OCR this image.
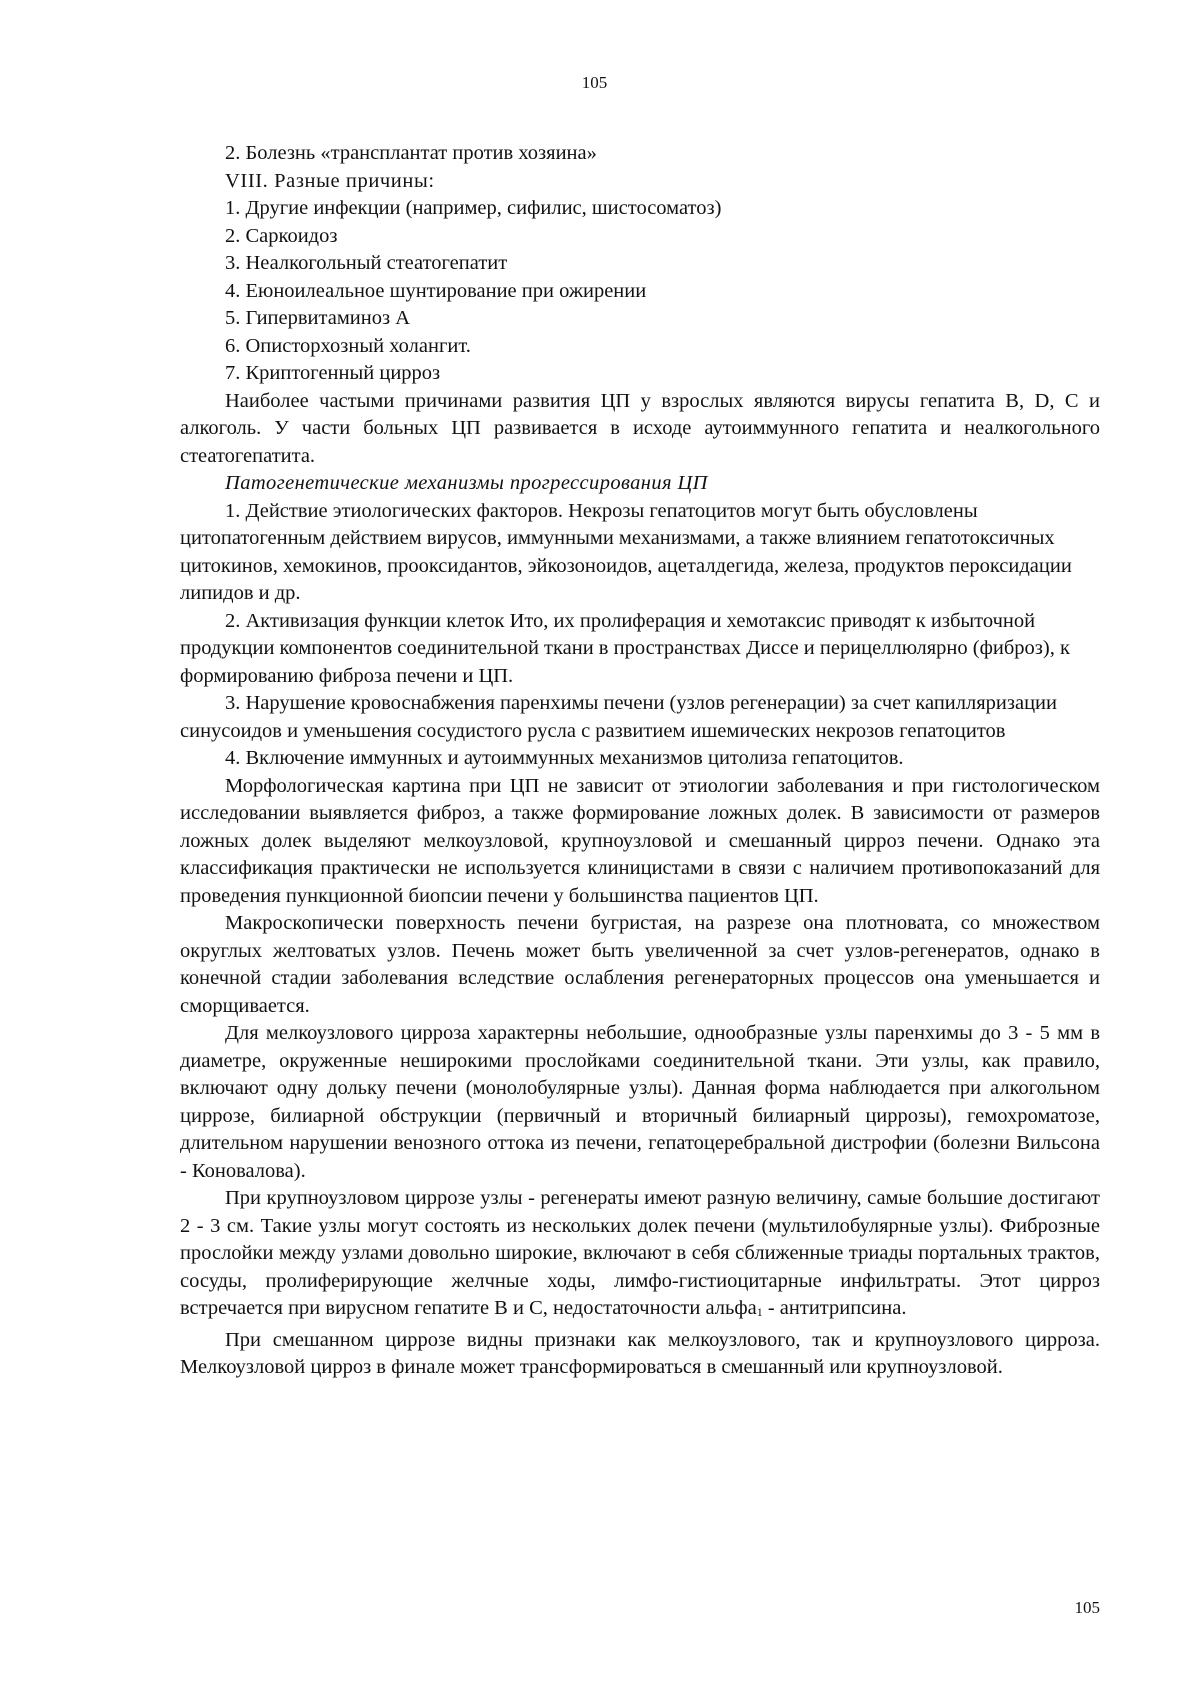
105

2. Болезнь «трансплантат против хозяина»

VIII. Разные причины:

1. Другие инфекции (например, сифилис, шистосоматоз)

2. Саркоидоз

3. Неалкогольный стеатогепатит

4. Еюноилеальное шунтирование при ожирении

5. Гипервитаминоз А

6. Описторхозный холангит.

7. Криптогенный цирроз

Наиболее частыми причинами развития ЦП у взрослых являются вирусы гепатита В, D, С и алкоголь. У части больных ЦП развивается в исходе аутоиммунного гепатита и неалкогольного стеатогепатита.

Патогенетические механизмы прогрессирования ЦП

1. Действие этиологических факторов. Некрозы гепатоцитов могут быть обусловлены цитопатогенным действием вирусов, иммунными механизмами, а также влиянием гепатотоксичных цитокинов, хемокинов, прооксидантов, эйкозоноидов, ацеталдегида, железа, продуктов пероксидации липидов и др.

2. Активизация функции клеток Ито, их пролиферация и хемотаксис приводят к избыточной продукции компонентов соединительной ткани в пространствах Диссе и перицеллюлярно (фиброз), к формированию фиброза печени и ЦП.

3. Нарушение кровоснабжения паренхимы печени (узлов регенерации) за счет капилляризации синусоидов и уменьшения сосудистого русла с развитием ишемических некрозов гепатоцитов

4. Включение иммунных и аутоиммунных механизмов цитолиза гепатоцитов.

Морфологическая картина при ЦП не зависит от этиологии заболевания и при гистологическом исследовании выявляется фиброз, а также формирование ложных долек. В зависимости от размеров ложных долек выделяют мелкоузловой, крупноузловой и смешанный цирроз печени. Однако эта классификация практически не используется клиницистами в связи с наличием противопоказаний для проведения пункционной биопсии печени у большинства пациентов ЦП.

Макроскопически поверхность печени бугристая, на разрезе она плотновата, со множеством округлых желтоватых узлов. Печень может быть увеличенной за счет узлов-регенератов, однако в конечной стадии заболевания вследствие ослабления регенераторных процессов она уменьшается и сморщивается.

Для мелкоузлового цирроза характерны небольшие, однообразные узлы паренхимы до 3 - 5 мм в диаметре, окруженные неширокими прослойками соединительной ткани. Эти узлы, как правило, включают одну дольку печени (монолобулярные узлы). Данная форма наблюдается при алкогольном циррозе, билиарной обструкции (первичный и вторичный билиарный циррозы), гемохроматозе, длительном нарушении венозного оттока из печени, гепатоцеребральной дистрофии (болезни Вильсона - Коновалова).

При крупноузловом циррозе узлы - регенераты имеют разную величину, самые большие достигают 2 - 3 см. Такие узлы могут состоять из нескольких долек печени (мультилобулярные узлы). Фиброзные прослойки между узлами довольно широкие, включают в себя сближенные триады портальных трактов, сосуды, пролиферирующие желчные ходы, лимфо-гистиоцитарные инфильтраты. Этот цирроз встречается при вирусном гепатите В и С, недостаточности альфа1 - антитрипсина.

При смешанном циррозе видны признаки как мелкоузлового, так и крупноузлового цирроза. Мелкоузловой цирроз в финале может трансформироваться в смешанный или крупноузловой.

105
